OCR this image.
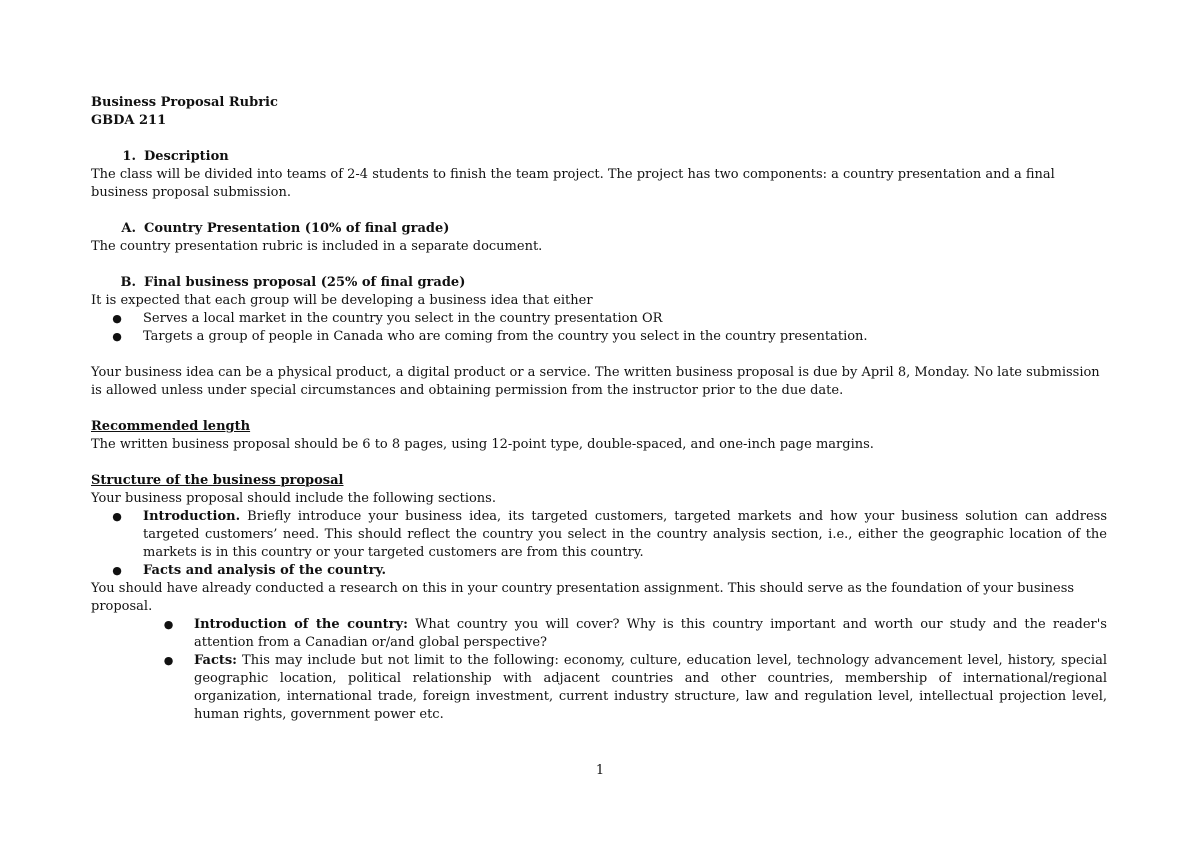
Business Proposal Rubric
GBDA 211
1. Description

The class will be divided into teams of 2-4 students to finish the team project. The project has two components: a country presentation and a final business proposal submission.

A. Country Presentation (10% of final grade)

The country presentation rubric is included in a separate document.

B. Final business proposal (25% of final grade)

It is expected that each group will be developing a business idea that either

●	Serves a local market in the country you select in the country presentation OR
●	Targets a group of people in Canada who are coming from the country you select in the country presentation.

Your business idea can be a physical product, a digital product or a service. The written business proposal is due by April 8, Monday. No late submission is allowed unless under special circumstances and obtaining permission from the instructor prior to the due date.

Recommended length

The written business proposal should be 6 to 8 pages, using 12-point type, double-spaced, and one-inch page margins.

Structure of the business proposal

Your business proposal should include the following sections.

●	Introduction. Briefly introduce your business idea, its targeted customers, targeted markets and how your business solution can address targeted customers’ need. This should reflect the country you select in the country analysis section, i.e., either the geographic location of the markets is in this country or your targeted customers are from this country.
●	Facts and analysis of the country.

You should have already conducted a research on this in your country presentation assignment. This should serve as the foundation of your business proposal.

●	Introduction of the country: What country you will cover? Why is this country important and worth our study and the reader's attention from a Canadian or/and global perspective?
●	Facts: This may include but not limit to the following: economy, culture, education level, technology advancement level, history, special geographic location, political relationship with adjacent countries and other countries, membership of international/regional organization, international trade, foreign investment, current industry structure, law and regulation level, intellectual projection level, human rights, government power etc.
1
